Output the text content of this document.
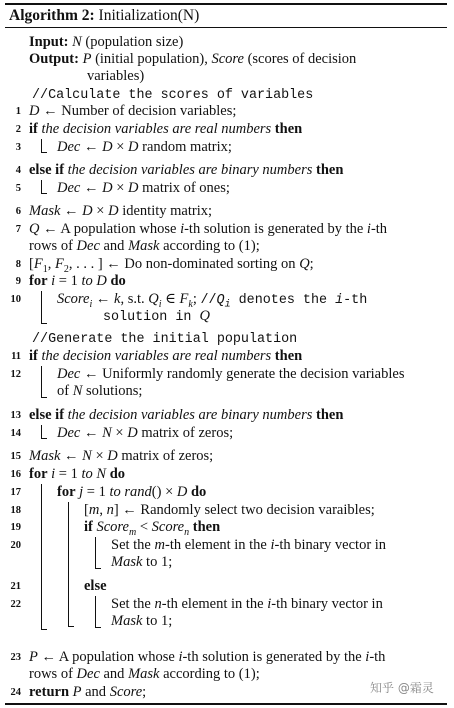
Algorithm 2: Initialization(N)
Input: N (population size)
Output: P (initial population), Score (scores of decision
variables)
//Calculate the scores of variables
1 D ← Number of decision variables;
2 if the decision variables are real numbers then
3 Dec ← D × D random matrix;
4 else if the decision variables are binary numbers then
5 Dec ← D × D matrix of ones;
6 Mask ← D × D identity matrix;
7 Q ← A population whose i-th solution is generated by the i-th
rows of Dec and Mask according to (1);
8 [$F_1$, $F_2$, . . . ] ← Do non-dominated sorting on Q;
9 for i = 1 to D do
10 Score$_i$ ← k, s.t. $Q_i$ ∈ $F_k$; $//Q_i$ denotes the i-th
solution in Q
//Generate the initial population
11 if the decision variables are real numbers then
12 Dec ← Uniformly randomly generate the decision variables
of N solutions;
13 else if the decision variables are binary numbers then
14 Dec ← N × D matrix of zeros;
15 Mask ← N × D matrix of zeros;
16 for i = 1 to N do
17 for j = 1 to rand() × D do
18	[m, n] ← Randomly select two decision varaibles;
19	if Score$_m$ < Score$_n$ then
20	Set the m-th element in the i-th binary vector in
Mask to 1;
21	else
22	Set the n-th element in the i-th binary vector in
Mask to 1;
23 P ← A population whose i-th solution is generated by the i-th
rows of Dec and Mask according to (1);
24 return P and Score;	知乎 @霜灵
